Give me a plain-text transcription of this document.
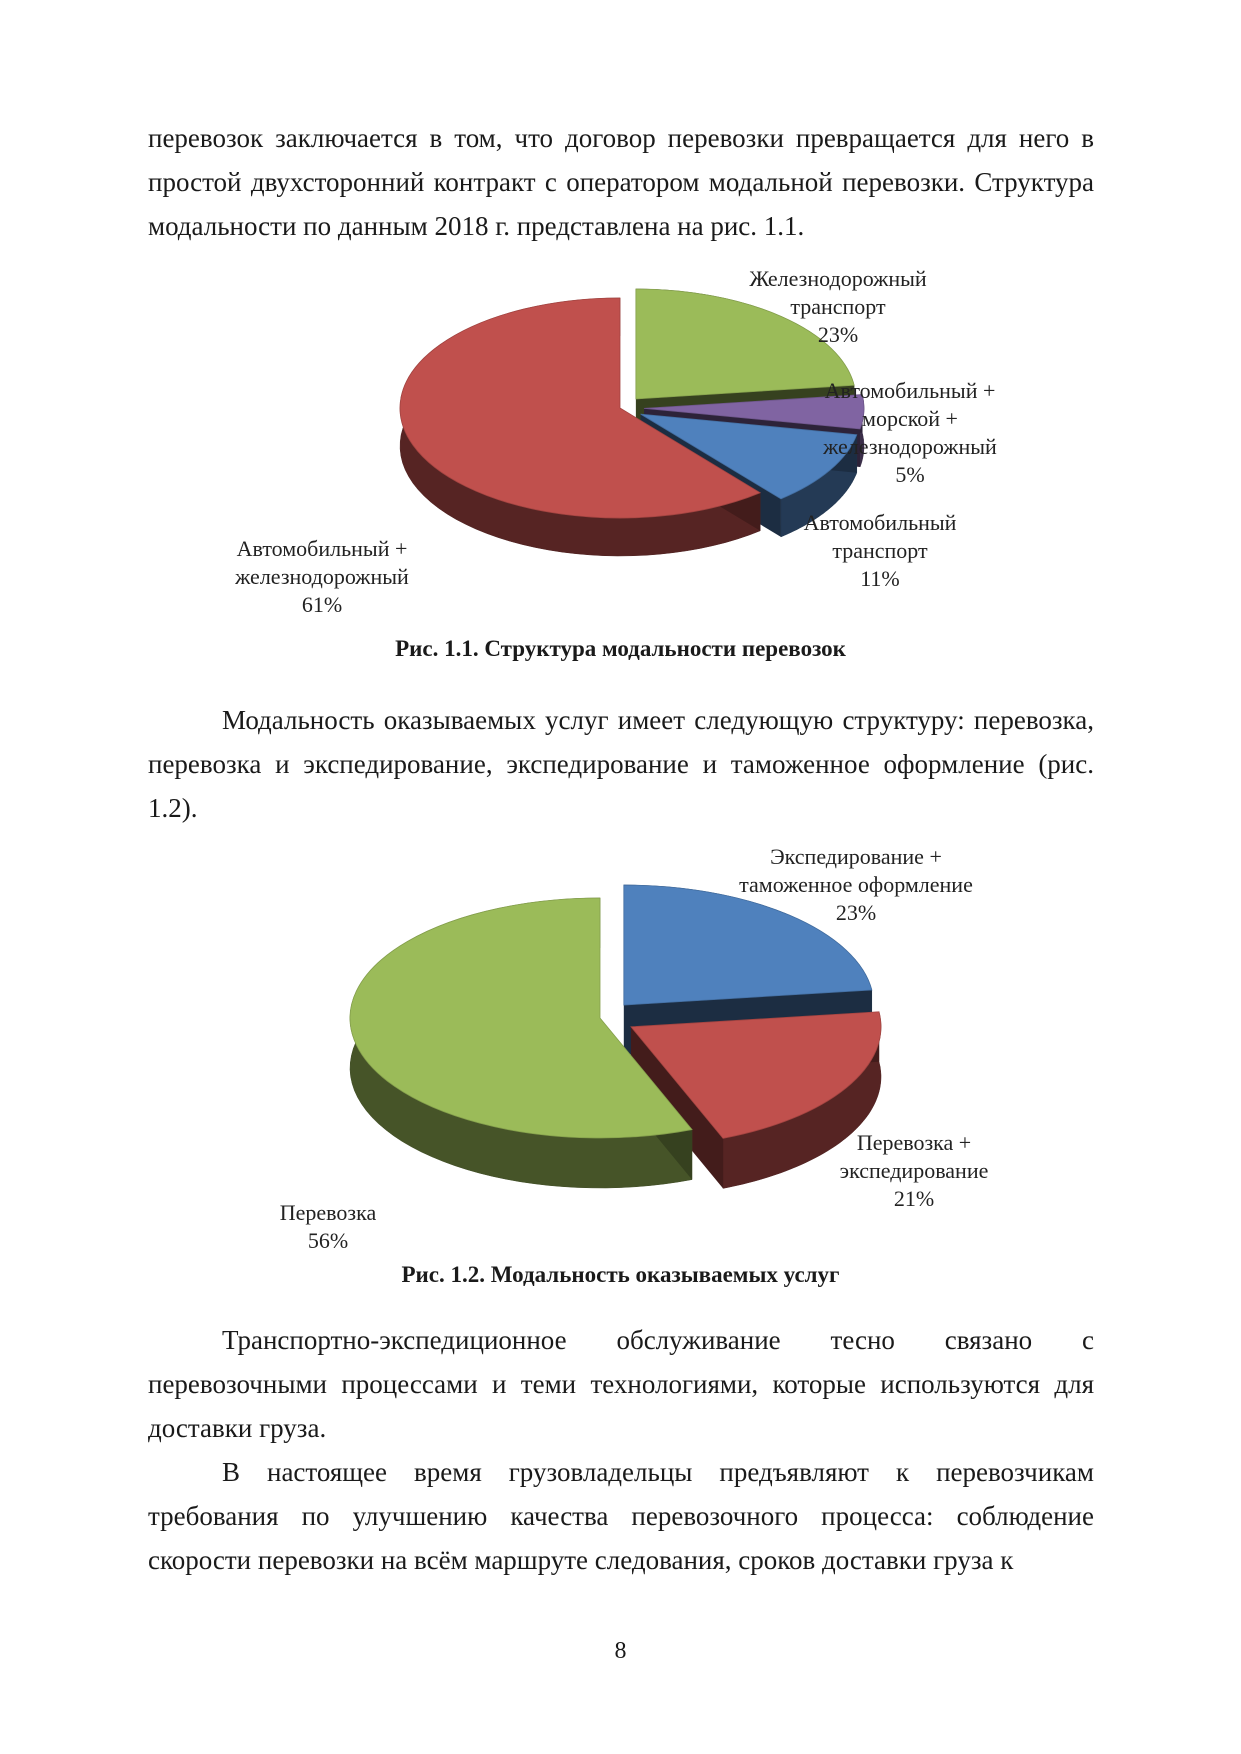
перевозок заключается в том, что договор перевозки превращается для него в простой двухсторонний контракт с оператором модальной перевозки. Структура модальности по данным 2018 г. представлена на рис. 1.1.

Железнодорожный транспорт 23%
Автомобильный + морской + железнодорожный 5%
Автомобильный транспорт 11%
Автомобильный + железнодорожный 61%

Рис. 1.1. Структура модальности перевозок

Модальность оказываемых услуг имеет следующую структуру: перевозка, перевозка и экспедирование, экспедирование и таможенное оформление (рис. 1.2).

Экспедирование + таможенное оформление 23%
Перевозка + экспедирование 21%
Перевозка 56%

Рис. 1.2. Модальность оказываемых услуг

Транспортно-экспедиционное обслуживание тесно связано с перевозочными процессами и теми технологиями, которые используются для доставки груза.

В настоящее время грузовладельцы предъявляют к перевозчикам требования по улучшению качества перевозочного процесса: соблюдение скорости перевозки на всём маршруте следования, сроков доставки груза к

8
